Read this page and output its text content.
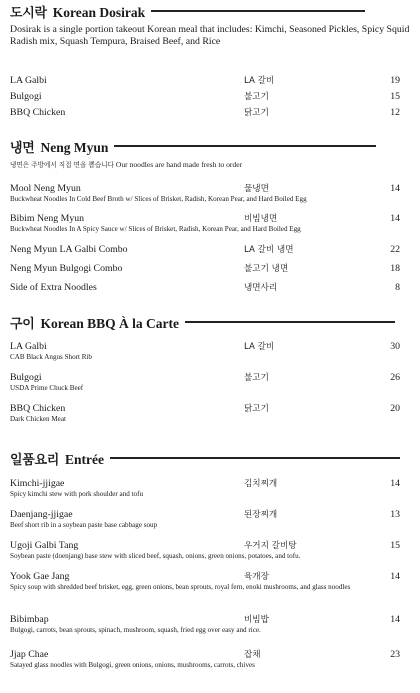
도시락 Korean Dosirak
Dosirak is a single portion takeout Korean meal that includes: Kimchi, Seasoned Pickles, Spicy Squid Radish mix, Squash Tempura, Braised Beef, and Rice
LA Galbi	LA 갈비	19
Bulgogi	불고기	15
BBQ Chicken	닭고기	12
냉면 Neng Myun
냉면은 주방에서 직접 면을 뽑습니다 Our noodles are hand made fresh to order
Mool Neng Myun	물냉면	14
Buckwheat Noodles In Cold Beef Broth w/ Slices of Brisket, Radish, Korean Pear, and Hard Boiled Egg
Bibim Neng Myun	비빔냉면	14
Buckwheat Noodles In A Spicy Sauce w/ Slices of Brisket, Radish, Korean Pear, and Hard Boiled Egg
Neng Myun LA Galbi Combo	LA 갈비 냉면	22
Neng Myun Bulgogi Combo	불고기 냉면	18
Side of Extra Noodles	냉면사리	8
구이 Korean BBQ À la Carte
LA Galbi	LA 갈비	30
CAB Black Angus Short Rib
Bulgogi	불고기	26
USDA Prime Chuck Beef
BBQ Chicken	닭고기	20
Dark Chicken Meat
일품요리 Entrée
Kimchi-jjigae	김치찌개	14
Spicy kimchi stew with pork shoulder and tofu
Daenjang-jjigae	된장찌개	13
Beef short rib in a soybean paste base cabbage soup
Ugoji Galbi Tang	우거지 갈비탕	15
Soybean paste (doenjang) base stew with sliced beef, squash, onions, green onions, potatoes, and tofu.
Yook Gae Jang	육개장	14
Spicy soup with shredded beef brisket, egg, green onions, bean sprouts, royal fern, enoki mushrooms, and glass noodles
Bibimbap	비빔밥	14
Bulgogi, carrots, bean sprouts, spinach, mushroom, squash, fried egg over easy and rice.
Jjap Chae	잡채	23
Satayed glass noodles with Bulgogi, green onions, onions, mushrooms, carrots, chives
